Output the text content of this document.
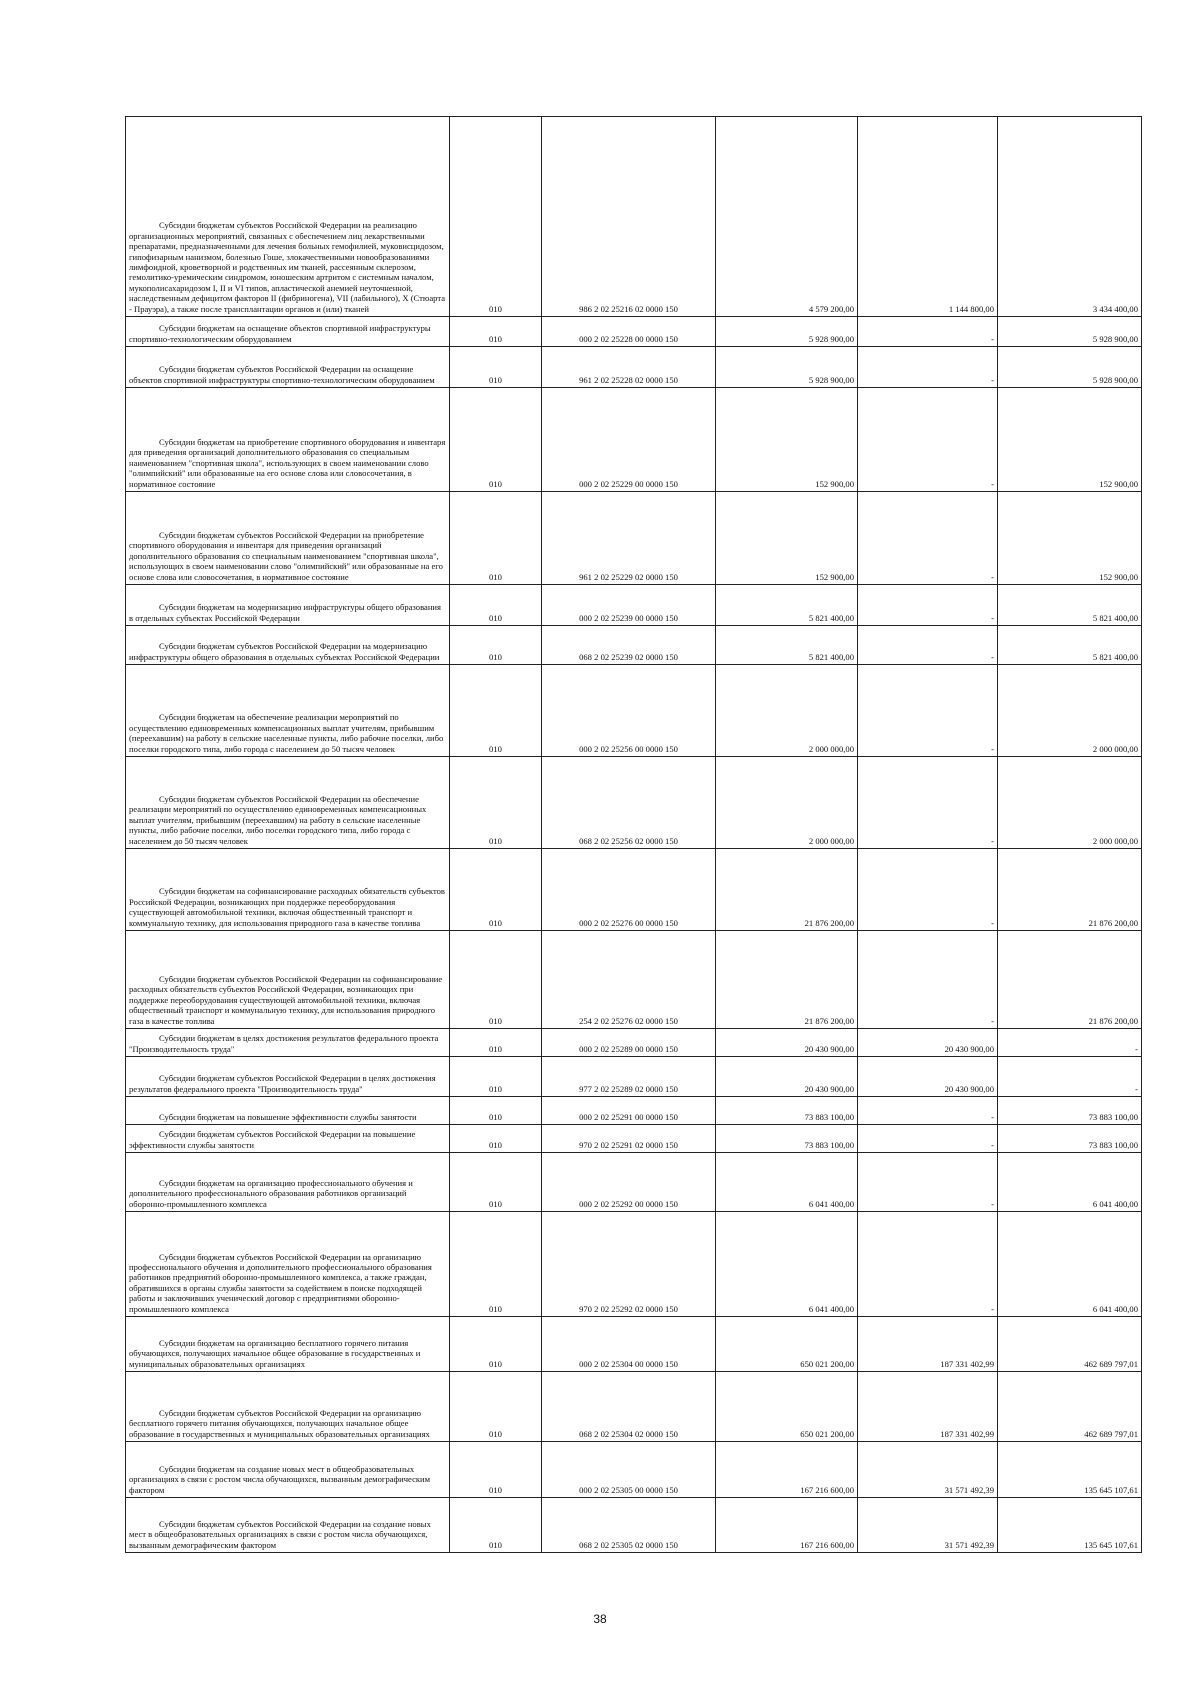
Субсидии бюджетам субъектов Российской Федерации на реализацию организационных мероприятий, связанных с обеспечением лиц лекарственными препаратами, предназначенными для лечения больных гемофилией, муковисцидозом, гипофизарным нанизмом, болезнью Гоше, злокачественными новообразованиями лимфоидной, кроветворной и родственных им тканей, рассеянным склерозом, гемолитико-уремическим синдромом, юношеским артритом с системным началом, мукополисахаридозом I, II и VI типов, апластической анемией неуточненной, наследственным дефицитом факторов II (фибриногена), VII (лабильного), X (Стюарта - Прауэра), а также после трансплантации органов и (или) тканей	010	986 2 02 25216 02 0000 150	4 579 200,00	1 144 800,00	3 434 400,00
Субсидии бюджетам на оснащение объектов спортивной инфраструктуры спортивно-технологическим оборудованием	010	000 2 02 25228 00 0000 150	5 928 900,00	-	5 928 900,00
Субсидии бюджетам субъектов Российской Федерации на оснащение объектов спортивной инфраструктуры спортивно-технологическим оборудованием	010	961 2 02 25228 02 0000 150	5 928 900,00	-	5 928 900,00
Субсидии бюджетам на приобретение спортивного оборудования и инвентаря для приведения организаций дополнительного образования со специальным наименованием "спортивная школа", использующих в своем наименовании слово "олимпийский" или образованные на его основе слова или словосочетания, в нормативное состояние	010	000 2 02 25229 00 0000 150	152 900,00	-	152 900,00
Субсидии бюджетам субъектов Российской Федерации на приобретение спортивного оборудования и инвентаря для приведения организаций дополнительного образования со специальным наименованием "спортивная школа", использующих в своем наименовании слово "олимпийский" или образованные на его основе слова или словосочетания, в нормативное состояние	010	961 2 02 25229 02 0000 150	152 900,00	-	152 900,00
Субсидии бюджетам на модернизацию инфраструктуры общего образования в отдельных субъектах Российской Федерации	010	000 2 02 25239 00 0000 150	5 821 400,00	-	5 821 400,00
Субсидии бюджетам субъектов Российской Федерации на модернизацию инфраструктуры общего образования в отдельных субъектах Российской Федерации	010	068 2 02 25239 02 0000 150	5 821 400,00	-	5 821 400,00
Субсидии бюджетам на обеспечение реализации мероприятий по осуществлению единовременных компенсационных выплат учителям, прибывшим (переехавшим) на работу в сельские населенные пункты, либо рабочие поселки, либо поселки городского типа, либо города с населением до 50 тысяч человек	010	000 2 02 25256 00 0000 150	2 000 000,00	-	2 000 000,00
Субсидии бюджетам субъектов Российской Федерации на обеспечение реализации мероприятий по осуществлению единовременных компенсационных выплат учителям, прибывшим (переехавшим) на работу в сельские населенные пункты, либо рабочие поселки, либо поселки городского типа, либо города с населением до 50 тысяч человек	010	068 2 02 25256 02 0000 150	2 000 000,00	-	2 000 000,00
Субсидии бюджетам на софинансирование расходных обязательств субъектов Российской Федерации, возникающих при поддержке переоборудования существующей автомобильной техники, включая общественный транспорт и коммунальную технику, для использования природного газа в качестве топлива	010	000 2 02 25276 00 0000 150	21 876 200,00	-	21 876 200,00
Субсидии бюджетам субъектов Российской Федерации на софинансирование расходных обязательств субъектов Российской Федерации, возникающих при поддержке переоборудования существующей автомобильной техники, включая общественный транспорт и коммунальную технику, для использования природного газа в качестве топлива	010	254 2 02 25276 02 0000 150	21 876 200,00	-	21 876 200,00
Субсидии бюджетам в целях достижения результатов федерального проекта "Производительность труда"	010	000 2 02 25289 00 0000 150	20 430 900,00	20 430 900,00	-
Субсидии бюджетам субъектов Российской Федерации в целях достижения результатов федерального проекта "Производительность труда"	010	977 2 02 25289 02 0000 150	20 430 900,00	20 430 900,00	-
Субсидии бюджетам на повышение эффективности службы занятости	010	000 2 02 25291 00 0000 150	73 883 100,00	-	73 883 100,00
Субсидии бюджетам субъектов Российской Федерации на повышение эффективности службы занятости	010	970 2 02 25291 02 0000 150	73 883 100,00	-	73 883 100,00
Субсидии бюджетам на организацию профессионального обучения и дополнительного профессионального образования работников организаций оборонно-промышленного комплекса	010	000 2 02 25292 00 0000 150	6 041 400,00	-	6 041 400,00
Субсидии бюджетам субъектов Российской Федерации на организацию профессионального обучения и дополнительного профессионального образования работников предприятий оборонно-промышленного комплекса, а также граждан, обратившихся в органы службы занятости за содействием в поиске подходящей работы и заключивших ученический договор с предприятиями оборонно-промышленного комплекса	010	970 2 02 25292 02 0000 150	6 041 400,00	-	6 041 400,00
Субсидии бюджетам на организацию бесплатного горячего питания обучающихся, получающих начальное общее образование в государственных и муниципальных образовательных организациях	010	000 2 02 25304 00 0000 150	650 021 200,00	187 331 402,99	462 689 797,01
Субсидии бюджетам субъектов Российской Федерации на организацию бесплатного горячего питания обучающихся, получающих начальное общее образование в государственных и муниципальных образовательных организациях	010	068 2 02 25304 02 0000 150	650 021 200,00	187 331 402,99	462 689 797,01
Субсидии бюджетам на создание новых мест в общеобразовательных организациях в связи с ростом числа обучающихся, вызванным демографическим фактором	010	000 2 02 25305 00 0000 150	167 216 600,00	31 571 492,39	135 645 107,61
Субсидии бюджетам субъектов Российской Федерации на создание новых мест в общеобразовательных организациях в связи с ростом числа обучающихся, вызванным демографическим фактором	010	068 2 02 25305 02 0000 150	167 216 600,00	31 571 492,39	135 645 107,61
38
